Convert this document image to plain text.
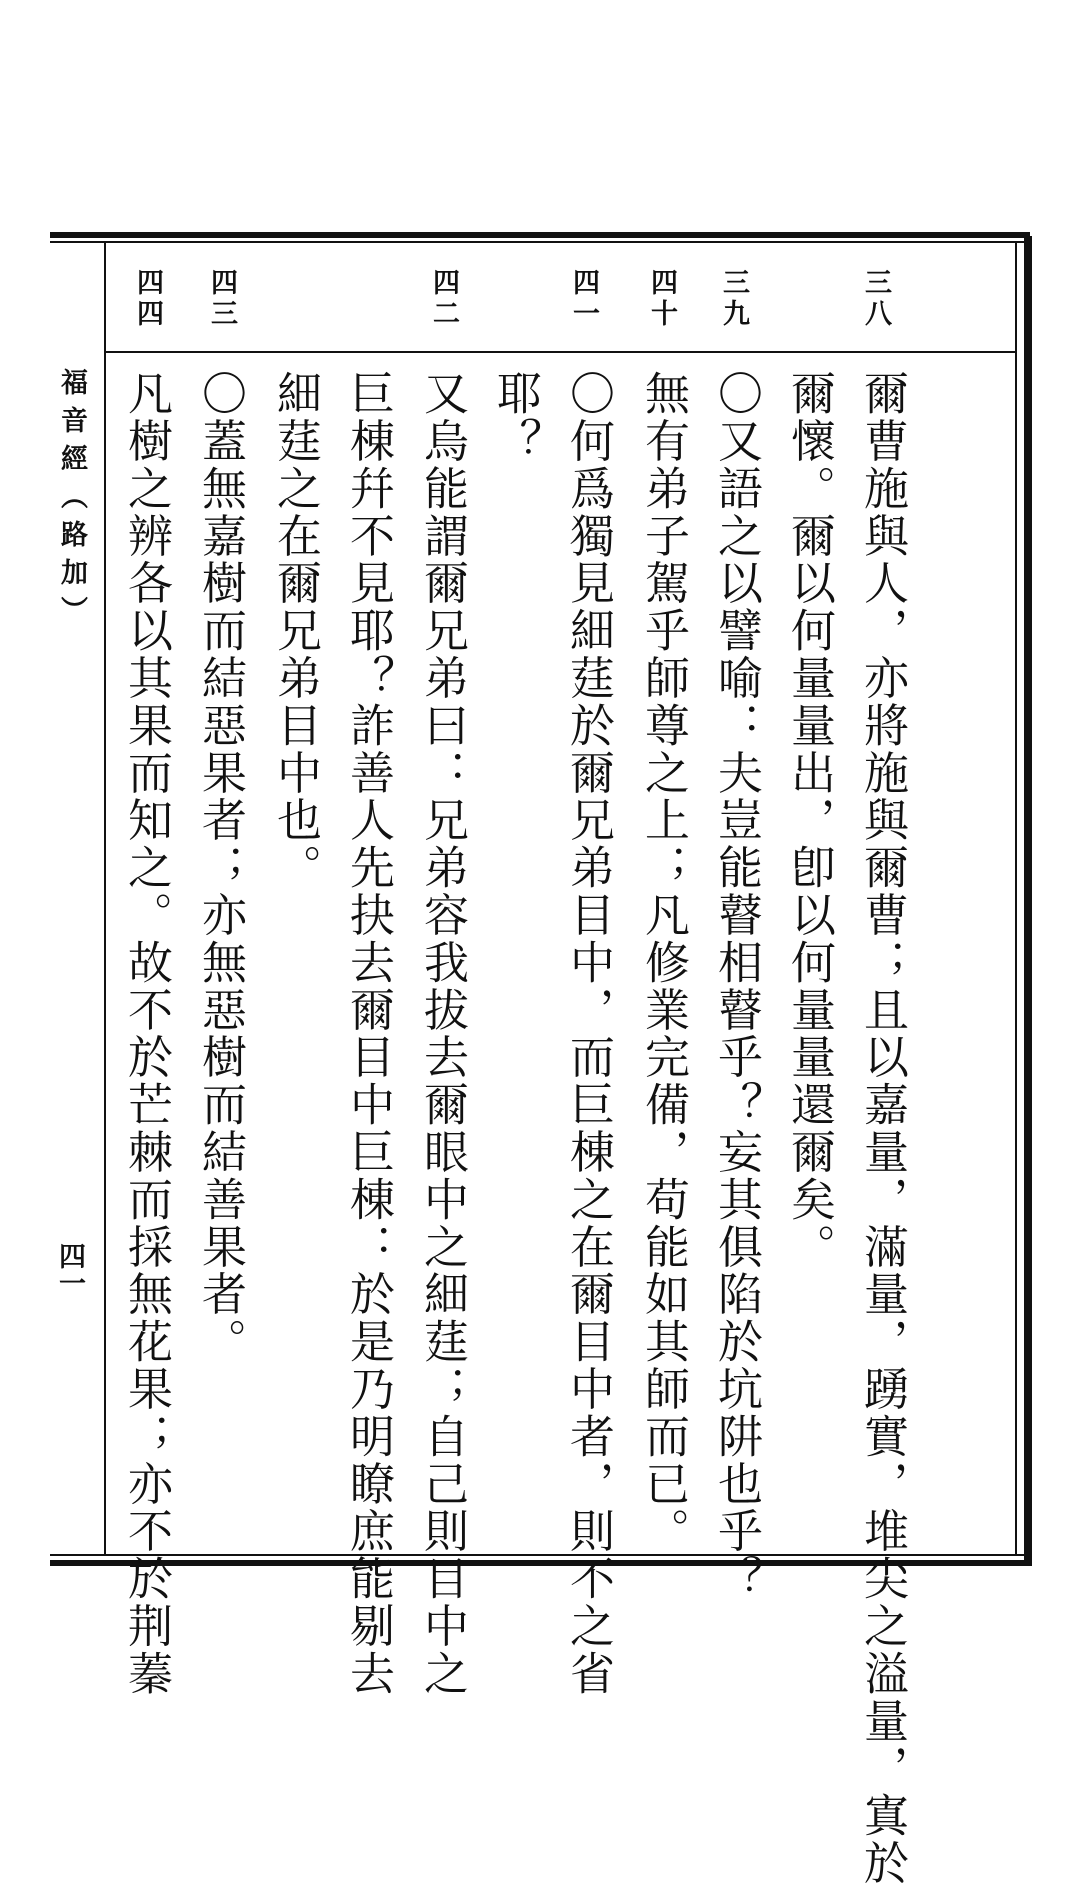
福音經（路加）
四一
三八
三九
四十
四一
四二
四三
四四
爾曹施與人，亦將施與爾曹；且以嘉量，滿量，踴實，堆尖之溢量，寘於
爾懷。爾以何量量出，卽以何量量還爾矣。
〇又語之以譬喻：夫豈能瞽相瞽乎？妄其俱陷於坑阱也乎？
無有弟子駕乎師尊之上；凡修業完備，苟能如其師而已。
〇何爲獨見細莛於爾兄弟目中，而巨棟之在爾目中者，則不之省
耶？
又烏能謂爾兄弟曰：兄弟容我拔去爾眼中之細莛；自己則目中之
巨棟幷不見耶？詐善人先抉去爾目中巨棟：於是乃明瞭庶能剔去
細莛之在爾兄弟目中也。
〇蓋無嘉樹而結惡果者；亦無惡樹而結善果者。
凡樹之辨各以其果而知之。故不於芒棘而採無花果；亦不於荆蓁
